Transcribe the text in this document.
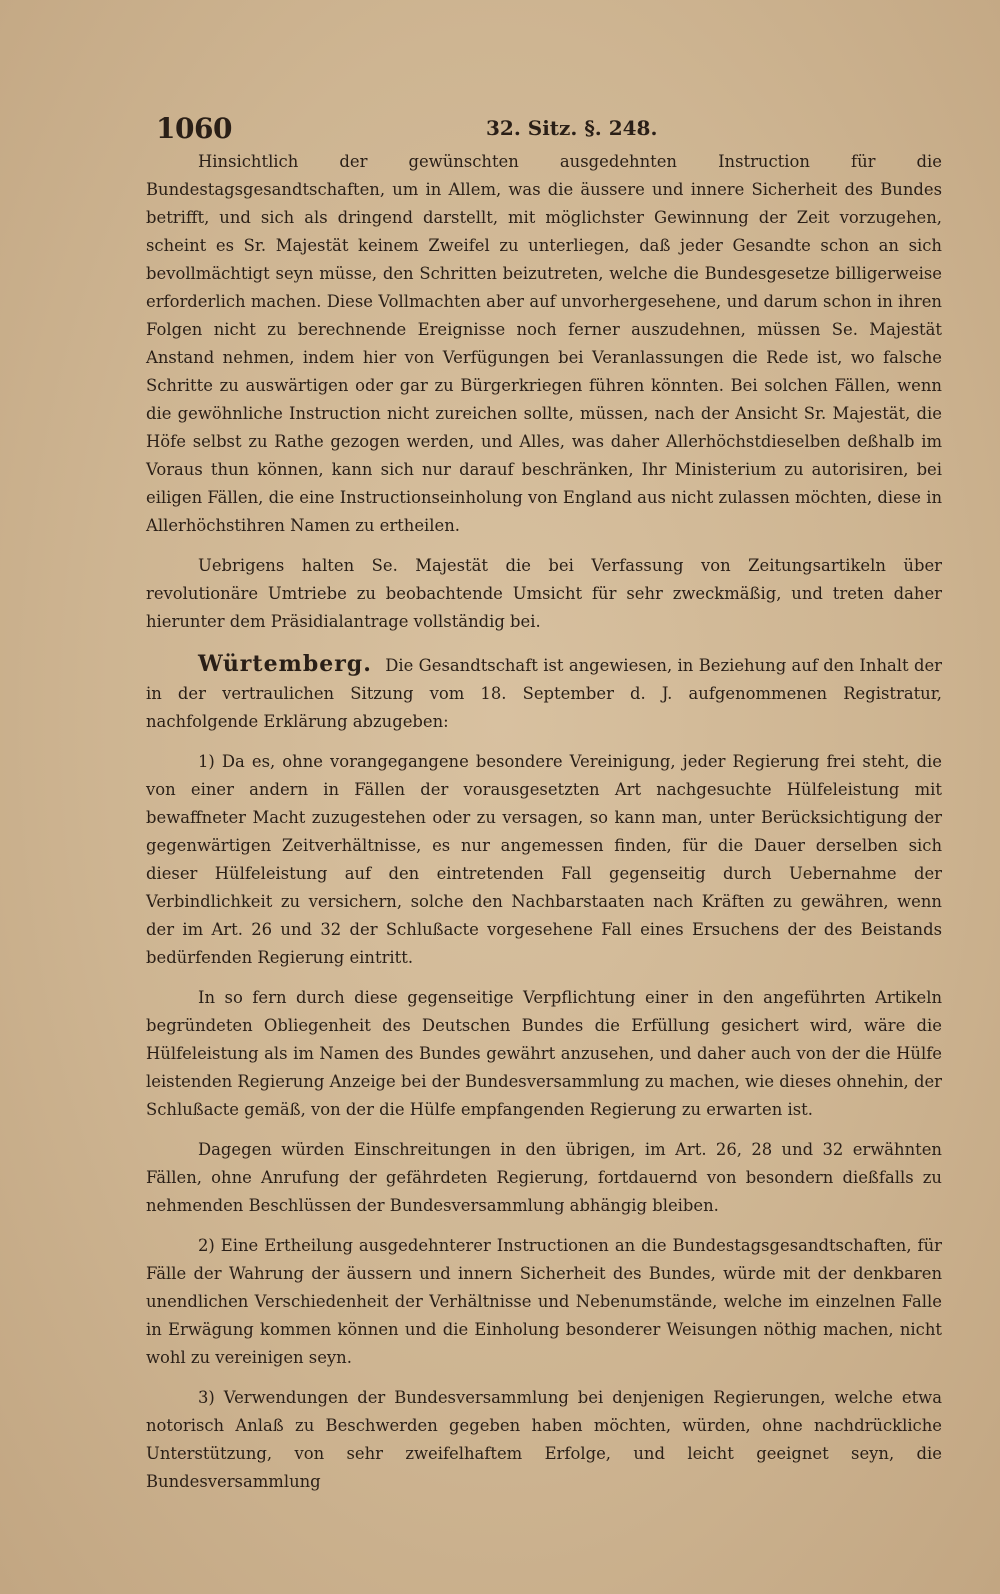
1060	32. Sitz. §. 248.

Hinsichtlich der gewünschten ausgedehnten Instruction für die Bundestagsgesandtschaften, um in Allem, was die äussere und innere Sicherheit des Bundes betrifft, und sich als dringend darstellt, mit möglichster Gewinnung der Zeit vorzugehen, scheint es Sr. Majestät keinem Zweifel zu unterliegen, daß jeder Gesandte schon an sich bevollmächtigt seyn müsse, den Schritten beizutreten, welche die Bundesgesetze billigerweise erforderlich machen. Diese Vollmachten aber auf unvorhergesehene, und darum schon in ihren Folgen nicht zu berechnende Ereignisse noch ferner auszudehnen, müssen Se. Majestät Anstand nehmen, indem hier von Verfügungen bei Veranlassungen die Rede ist, wo falsche Schritte zu auswärtigen oder gar zu Bürgerkriegen führen könnten. Bei solchen Fällen, wenn die gewöhnliche Instruction nicht zureichen sollte, müssen, nach der Ansicht Sr. Majestät, die Höfe selbst zu Rathe gezogen werden, und Alles, was daher Allerhöchstdieselben deßhalb im Voraus thun können, kann sich nur darauf beschränken, Ihr Ministerium zu autorisiren, bei eiligen Fällen, die eine Instructionseinholung von England aus nicht zulassen möchten, diese in Allerhöchstihren Namen zu ertheilen.

Uebrigens halten Se. Majestät die bei Verfassung von Zeitungsartikeln über revolutionäre Umtriebe zu beobachtende Umsicht für sehr zweckmäßig, und treten daher hierunter dem Präsidialantrage vollständig bei.

Würtemberg. Die Gesandtschaft ist angewiesen, in Beziehung auf den Inhalt der in der vertraulichen Sitzung vom 18. September d. J. aufgenommenen Registratur, nachfolgende Erklärung abzugeben:

1) Da es, ohne vorangegangene besondere Vereinigung, jeder Regierung frei steht, die von einer andern in Fällen der vorausgesetzten Art nachgesuchte Hülfeleistung mit bewaffneter Macht zuzugestehen oder zu versagen, so kann man, unter Berücksichtigung der gegenwärtigen Zeitverhältnisse, es nur angemessen finden, für die Dauer derselben sich dieser Hülfeleistung auf den eintretenden Fall gegenseitig durch Uebernahme der Verbindlichkeit zu versichern, solche den Nachbarstaaten nach Kräften zu gewähren, wenn der im Art. 26 und 32 der Schlußacte vorgesehene Fall eines Ersuchens der des Beistands bedürfenden Regierung eintritt.

In so fern durch diese gegenseitige Verpflichtung einer in den angeführten Artikeln begründeten Obliegenheit des Deutschen Bundes die Erfüllung gesichert wird, wäre die Hülfeleistung als im Namen des Bundes gewährt anzusehen, und daher auch von der die Hülfe leistenden Regierung Anzeige bei der Bundesversammlung zu machen, wie dieses ohnehin, der Schlußacte gemäß, von der die Hülfe empfangenden Regierung zu erwarten ist.

Dagegen würden Einschreitungen in den übrigen, im Art. 26, 28 und 32 erwähnten Fällen, ohne Anrufung der gefährdeten Regierung, fortdauernd von besondern dießfalls zu nehmenden Beschlüssen der Bundesversammlung abhängig bleiben.

2) Eine Ertheilung ausgedehnterer Instructionen an die Bundestagsgesandtschaften, für Fälle der Wahrung der äussern und innern Sicherheit des Bundes, würde mit der denkbaren unendlichen Verschiedenheit der Verhältnisse und Nebenumstände, welche im einzelnen Falle in Erwägung kommen können und die Einholung besonderer Weisungen nöthig machen, nicht wohl zu vereinigen seyn.

3) Verwendungen der Bundesversammlung bei denjenigen Regierungen, welche etwa notorisch Anlaß zu Beschwerden gegeben haben möchten, würden, ohne nachdrückliche Unterstützung, von sehr zweifelhaftem Erfolge, und leicht geeignet seyn, die Bundesversammlung
